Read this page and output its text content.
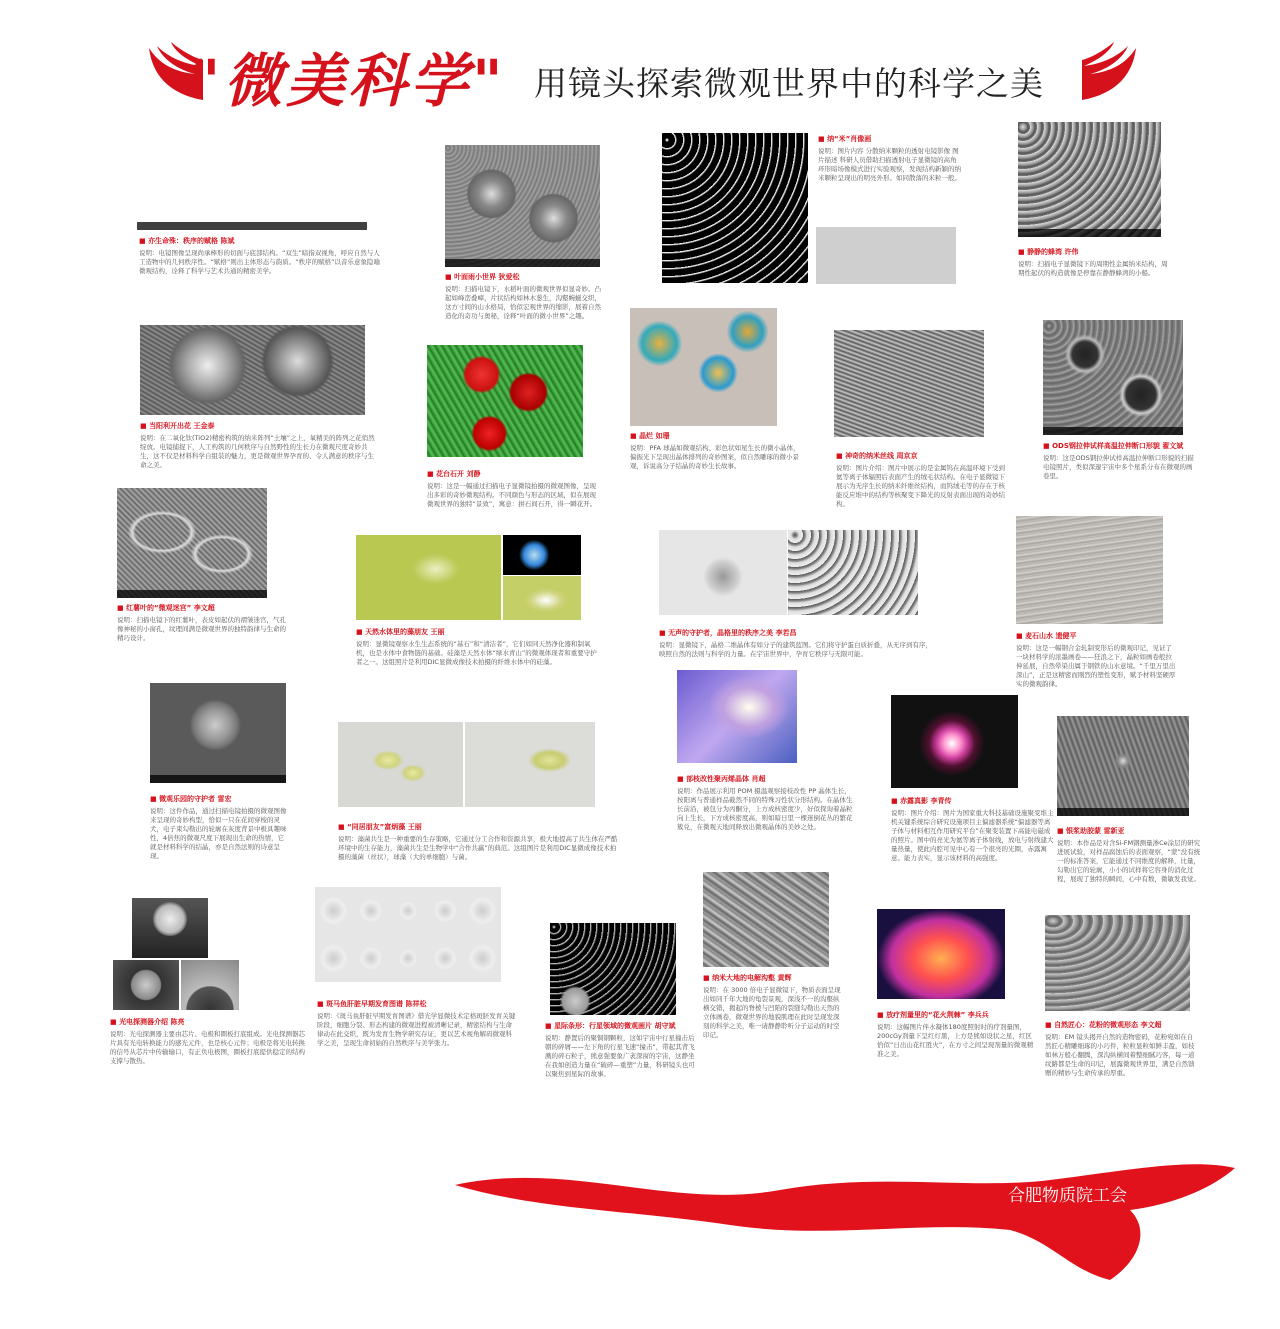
"微美科学" 用镜头探索微观世界中的科学之美
■ 亦生命殊：秩序的赋格 陈斌
说明：电镜图像呈现尚承棒形的切面与底部结构。“双生”暗指双视角，呼应自然与人工造物中的几何秩序性。“赋格”则出主体形态与韵质。“秩序的赋格”以音乐意象隐喻微观结构，诠释了科学与艺术共通的精密美学。
■ 叶面雨小世界 狄爱松
说明：扫描电镜下，水稻叶面的微观世界似显奇妙。凸起如峰峦叠嶂，片状结构如林木葱生，沟壑蜿蜒交织，这方寸间的山水格局，恰似宏观世界的缩影，展着自然造化的奇功与奥秘，诠释“叶面的微小世界”之趣。
■ 纳“米”肖像画
说明：图片内容 分散纳米颗粒的透射电镜影像 图片描述 科研人员借助扫描透射电子显微镜的高角环形暗场像模式进行实验观察，发现结构新颖的纳米颗粒呈现出的明亮外形。如同散落的米粒一般。
■ 静静的蜂湾 许伟
说明：扫描电子显微镜下的周期性金属纳米结构，周期性起伏的构造就像是停靠在静静蜂湾的小船。
■ 当阳利开出花 王金泰
说明：在二氧化钛(TiO2)精密构筑的纳米阵列“土壤”之上，氧精美的阵列之花悄然绽放。电镜捕捉下，人工构筑的几何秩序与自然野性的生长力在微观尺度奇妙共生，这不仅是材料科学自组装的魅力，更是微观世界孕育的、令人满意的秩序与生命之美。
■ 花台石开 刘静
说明：这是一幅通过扫描电子显微镜拍摄的微观图像，呈现出多彩的奇妙微观结构。不同颜色与形态的区域，似在展现微观世界的独特“景致”，寓意：拼石间石开，得一瞬花开。
■ 晶烂 如珊
说明：PFA 球晶如微观结构、彩色状如星生长的微小晶体，偏振光下呈现出晶体排列的奇妙图案，似自然雕琢的微小景观，诉说高分子结晶的奇妙生长故事。
■ 神奇的纳米丝线 周京京
说明：图片介绍：图片中展示的是金属钨在高温环境下受到氦等离子体辐照后表面产生的绒毛状结构。在电子显微镜下展示为无序生长的纳米纤维丝结构，而钨绒毛等的存在于核能反应堆中的结构等核聚变下降光的反射表面出现的奇妙结构。
■ ODS钢拉伸试样高温拉伸断口形貌 翟文斌
说明：这是ODS钢拉伸试样高温拉伸断口形貌的扫描电镜照片，类似深邃宇宙中多个星系分布在微观的画卷里。
■ 红薯叶的“微观迷宫” 李文超
说明：扫描电镜下的红薯叶，表皮如起伏的褶皱迷宫，气孔像神秘的小窗孔，纹理间满是微观世界的独特韵律与生命的精巧设计。
■ 天然水体里的藻朋友 王丽
说明：显微镜观察水生生态系统的“基石”和“清洁者”，它们如同天然净化器和制氧机，也是水体中食物链的基础。硅藻是天然水体“绿水青山”的微观体现者和重要守护者之一。这组照片是利用DIC显微成像技术拍摄的纤维水体中的硅藻。
■ 无声的守护者，晶格里的秩序之美 李若昌
说明：显微镜下，晶格二维晶体有如分子的建筑蓝图。它们将守护蛋白质折叠，从无序到有序，映照自然的法则与科学的力量。在宇宙世界中，孕育它秩序与无限可能。
■ 麦石山水 遗健平
说明：这是一幅钢合金轧制变形后的微观印记，见证了一块材料学的浓墨画卷——狂浪之下，晶粒如画卷般拉伸延展，自然晕染出属于钢铁的山水意境。“千里万里出深山”，正是这精密而刚烈的塑性变形，赋予材料坚硬厚实的微观韵律。
■ 微观乐园的守护者 雷宏
说明：这件作品，通过扫描电镜拍摄的微观图像来呈现的奇妙构型，恰似一只在花间穿梭的灵犬，电子束勾勒出的轮廓在灰度背景中极具趣味性，4倍焦的微观尺度下展现出生命的热情，它就是材料科学的结晶，亦是自然法则的诗意呈现。
■ “同居朋友”富炳藻 王丽
说明：藻菌共生是一种重要的生存策略，它通过分工合作和资源共享，极大地提高了共生体在严酷环境中的生存能力，藻菌共生是生物学中“合作共赢”的典范。这组图片是利用DIC显微成像技术拍摄的藻菌（丝状），球藻（大的单细胞）与菌。
■ 部枝改性聚丙烯晶体 肖超
说明：作品展示利用 POM 摄温观察接枝改性 PP 晶体生长，按阳离与普通样品截然不同的特殊习性状分形结构。在晶体生长前沿，被包分为丙酮分，上方成核密度少，好似探询着晶粒向上生长，下方成核密度高，则如暗日里一棵迷倒花丛的繁花簇兑，在微观天地间释放出微观晶体的美妙之处。
■ 赤露真影 李青传
说明：图片介绍：图片为国家重大科技基础设施聚变堆主机关键系统综合研究设施项目主偏滤器系统“偏滤器等离子体与材料相互作用研究平台”在聚变装置下高能电磁成的照片。图中的亮光为氦等离子体射线，放电与射线建大量热量，使此内腔可见中心有一个很亮的光圈，赤露寓意。能力表实，显示该材料的高强度。
■ 银浆助胶蒙 雷新亚
说明：本作品是对含Si-FM钢测量渗Ce涂层的研究进展试验，对样品腐蚀后的表面观察，“蒙”没有统一的标准答案，它能通过不同维度的解释，比量，勾勒出它的轮廓，小小的试样将它容身的消化过程，展现了独特的瞬间，心中有数，微敏发我觉。
■ 光电探测器介绍 陈亮
说明：光电探测器主要由芯片、电极和圈板打底组成。光电探测器芯片具有光电转换能力的感光元件，也是核心元件；电极是将光电转换的信号从芯片中传输输口，有正负电极图，圈板打底提供稳定的结构支撑与散热。
■ 斑马鱼肝脏早期发育图谱 陈祥松
说明：《斑马鱼肝脏早期发育图谱》借光学显微技术定格斑胚发育关键阶段，细胞分裂、形态构建的微观进程被清晰记录，精密结构与生命律动在此交织，既为发育生物学研究存证，更以艺术视角解码微观科学之美，呈现生命初始的自然秩序与美学张力。
■ 星际条形：行星领域的微观画片 胡守斌
说明：静置后的聚铜钢颗粒，这如宇宙中行星撞击后朝的碎屑——左下角的行星飞速“撞击”，带起其背飞溅的碎石粒子，熊意强要象广袤深窗的宇宙，这静坐在我如创造力量在“破碎—重塑”力量，科研镜头也可以聚焦到星际的故事。
■ 纳米大地的电解沟壑 黄辉
说明：在 3000 倍电子显微镜下，物质表面呈现出如同千年大地的龟裂景观，深浅不一的沟壑纵横交错，揭起的脊棱与凹陷的裂缝勾勒出天然的立体画卷，微观世界的地貌肌理在此时呈现发深刻的科学之美，唯一请静静聆听分子运动的时空印记。
■ 放疗剂量里的“花火荆棘” 李兵兵
说明：这幅图片伴水凝体180度照射时的疗剂量图，200cGy剂量下呈红灯黑，上方是熊如设状之星，红区恰似“日出山花红胜火”，在方寸之间呈现剂量的微观精准之美。
■ 自然匠心：花粉的微观形态 李文超
说明：EM 镜头揭开自然的造物密码，花粉宛如在自然匠心精雕细琢的小巧件，粒粒显粒如鲜丰盈，如枝如林万般心翻腾，深沟纵横间着整细腻巧客，每一道纹路都是生命的印记，展露微观世界里，满是自然馈赠的精妙与生命传承的厚重。
合肥物质院工会
